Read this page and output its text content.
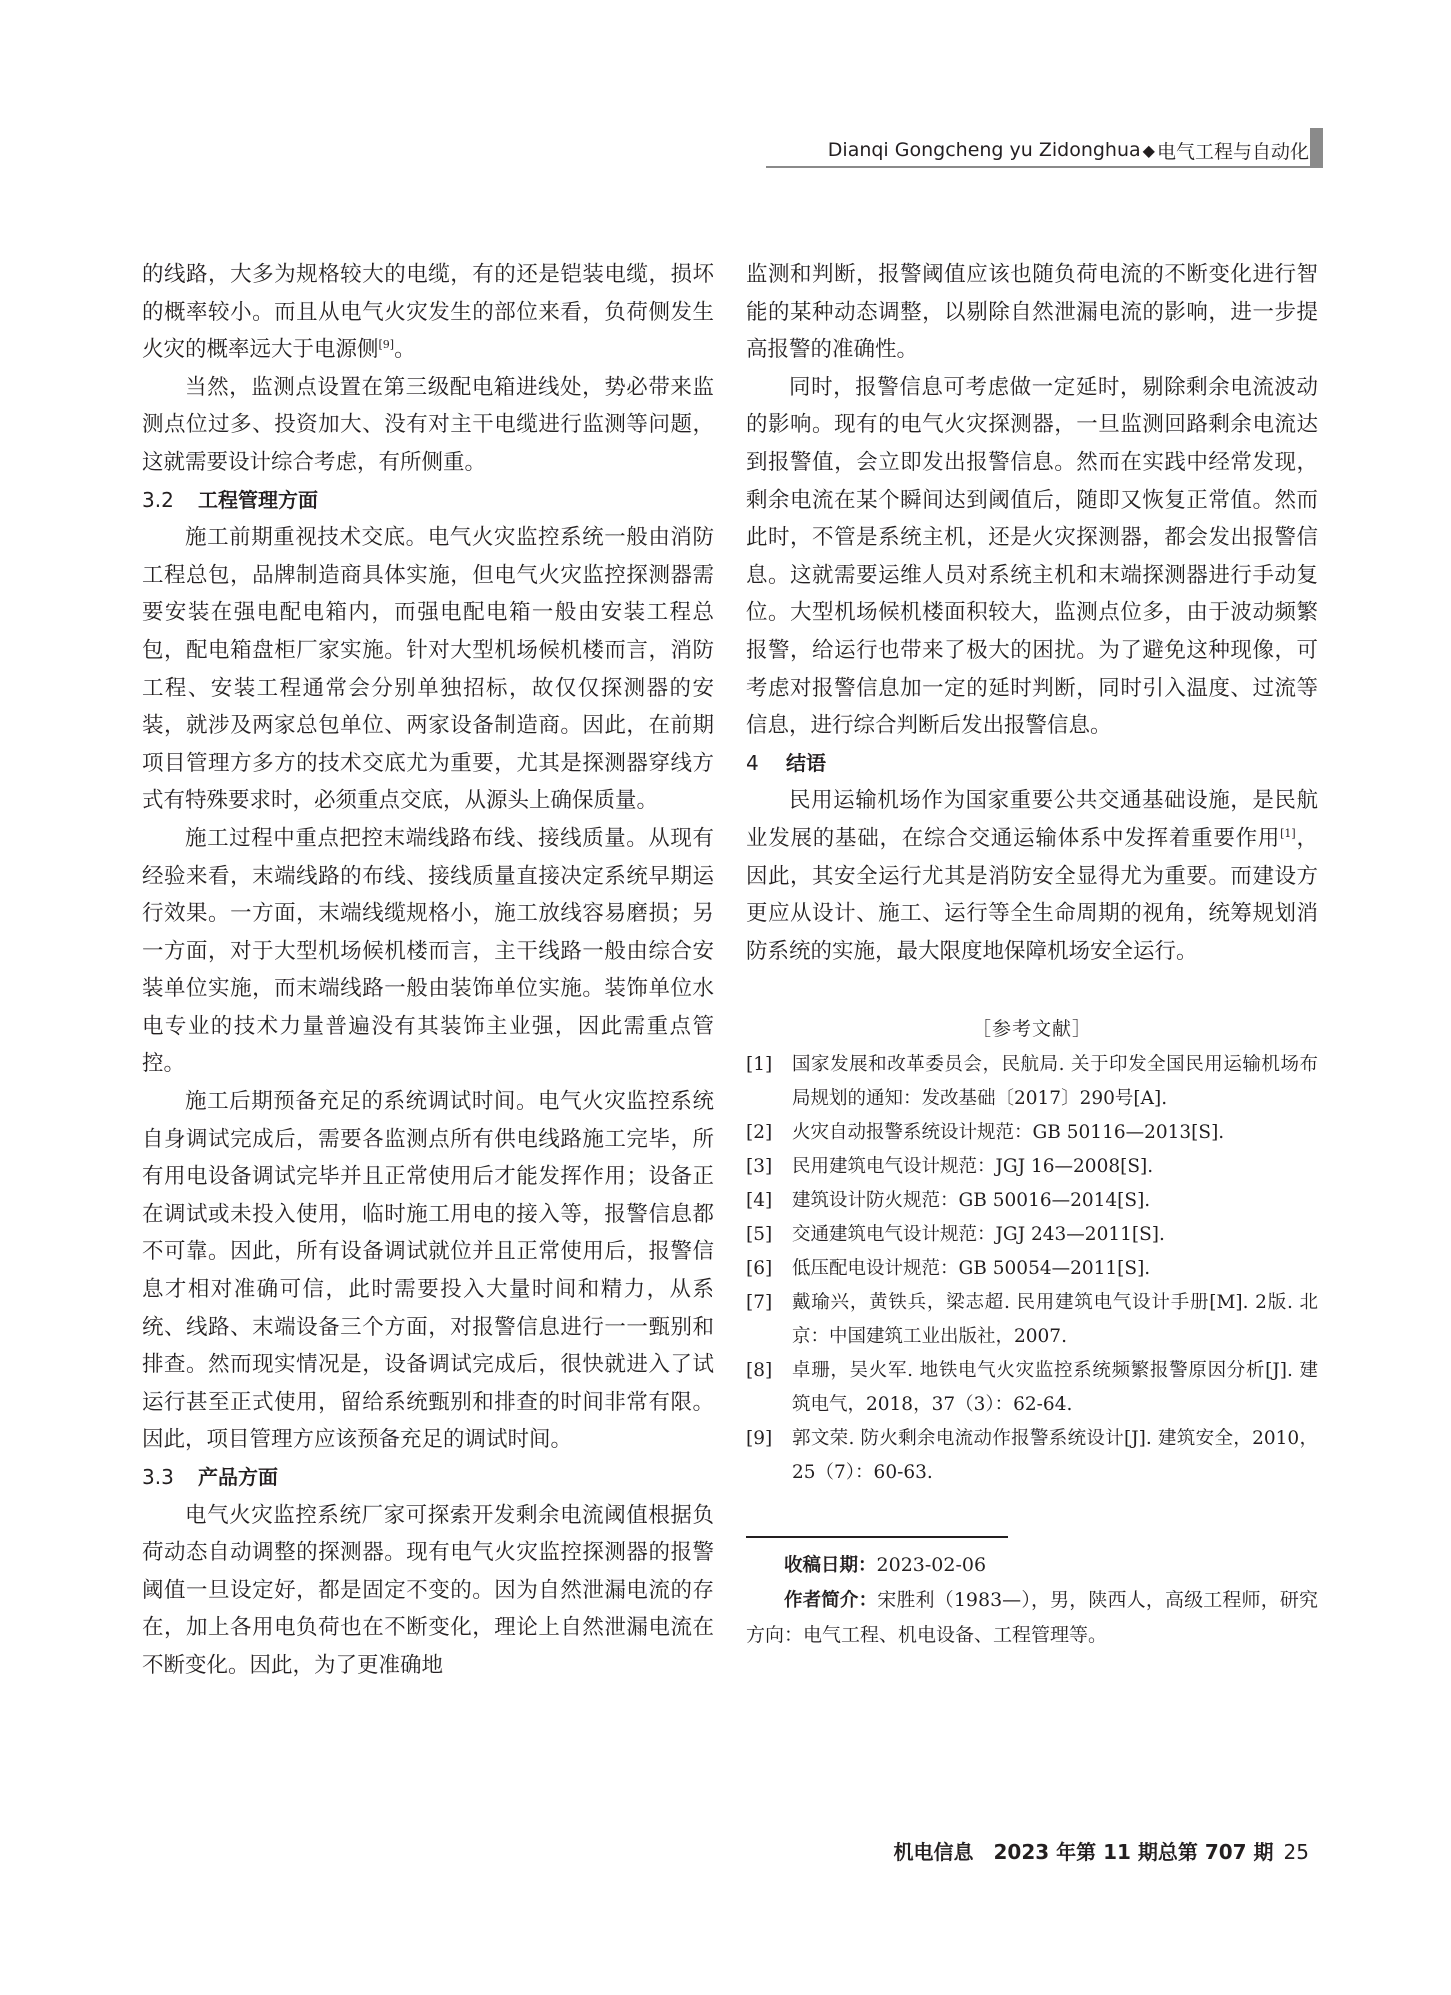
Dianqi Gongcheng yu Zidonghua ◆ 电气工程与自动化

的线路，大多为规格较大的电缆，有的还是铠装电缆，损坏的概率较小。而且从电气火灾发生的部位来看，负荷侧发生火灾的概率远大于电源侧[9]。

当然，监测点设置在第三级配电箱进线处，势必带来监测点位过多、投资加大、没有对主干电缆进行监测等问题，这就需要设计综合考虑，有所侧重。

3.2	工程管理方面

施工前期重视技术交底。电气火灾监控系统一般由消防工程总包，品牌制造商具体实施，但电气火灾监控探测器需要安装在强电配电箱内，而强电配电箱一般由安装工程总包，配电箱盘柜厂家实施。针对大型机场候机楼而言，消防工程、安装工程通常会分别单独招标，故仅仅探测器的安装，就涉及两家总包单位、两家设备制造商。因此，在前期项目管理方多方的技术交底尤为重要，尤其是探测器穿线方式有特殊要求时，必须重点交底，从源头上确保质量。

施工过程中重点把控末端线路布线、接线质量。从现有经验来看，末端线路的布线、接线质量直接决定系统早期运行效果。一方面，末端线缆规格小，施工放线容易磨损；另一方面，对于大型机场候机楼而言，主干线路一般由综合安装单位实施，而末端线路一般由装饰单位实施。装饰单位水电专业的技术力量普遍没有其装饰主业强，因此需重点管控。

施工后期预备充足的系统调试时间。电气火灾监控系统自身调试完成后，需要各监测点所有供电线路施工完毕，所有用电设备调试完毕并且正常使用后才能发挥作用；设备正在调试或未投入使用，临时施工用电的接入等，报警信息都不可靠。因此，所有设备调试就位并且正常使用后，报警信息才相对准确可信，此时需要投入大量时间和精力，从系统、线路、末端设备三个方面，对报警信息进行一一甄别和排查。然而现实情况是，设备调试完成后，很快就进入了试运行甚至正式使用，留给系统甄别和排查的时间非常有限。因此，项目管理方应该预备充足的调试时间。

3.3	产品方面

电气火灾监控系统厂家可探索开发剩余电流阈值根据负荷动态自动调整的探测器。现有电气火灾监控探测器的报警阈值一旦设定好，都是固定不变的。因为自然泄漏电流的存在，加上各用电负荷也在不断变化，理论上自然泄漏电流在不断变化。因此，为了更准确地

监测和判断，报警阈值应该也随负荷电流的不断变化进行智能的某种动态调整，以剔除自然泄漏电流的影响，进一步提高报警的准确性。

同时，报警信息可考虑做一定延时，剔除剩余电流波动的影响。现有的电气火灾探测器，一旦监测回路剩余电流达到报警值，会立即发出报警信息。然而在实践中经常发现，剩余电流在某个瞬间达到阈值后，随即又恢复正常值。然而此时，不管是系统主机，还是火灾探测器，都会发出报警信息。这就需要运维人员对系统主机和末端探测器进行手动复位。大型机场候机楼面积较大，监测点位多，由于波动频繁报警，给运行也带来了极大的困扰。为了避免这种现像，可考虑对报警信息加一定的延时判断，同时引入温度、过流等信息，进行综合判断后发出报警信息。

4	结语

民用运输机场作为国家重要公共交通基础设施，是民航业发展的基础，在综合交通运输体系中发挥着重要作用[1]，因此，其安全运行尤其是消防安全显得尤为重要。而建设方更应从设计、施工、运行等全生命周期的视角，统筹规划消防系统的实施，最大限度地保障机场安全运行。

［参考文献］
[1]	国家发展和改革委员会，民航局. 关于印发全国民用运输机场布局规划的通知：发改基础〔2017〕290号[A].
[2]	火灾自动报警系统设计规范：GB 50116—2013[S].
[3]	民用建筑电气设计规范：JGJ 16—2008[S].
[4]	建筑设计防火规范：GB 50016—2014[S].
[5]	交通建筑电气设计规范：JGJ 243—2011[S].
[6]	低压配电设计规范：GB 50054—2011[S].
[7]	戴瑜兴，黄铁兵，梁志超. 民用建筑电气设计手册[M]. 2版. 北京：中国建筑工业出版社，2007.
[8]	卓珊，吴火军. 地铁电气火灾监控系统频繁报警原因分析[J]. 建筑电气，2018，37（3）：62-64.
[9]	郭文荣. 防火剩余电流动作报警系统设计[J]. 建筑安全，2010，25（7）：60-63.

收稿日期：2023-02-06

作者简介：宋胜利（1983—），男，陕西人，高级工程师，研究方向：电气工程、机电设备、工程管理等。

机电信息　2023 年第 11 期总第 707 期 25
